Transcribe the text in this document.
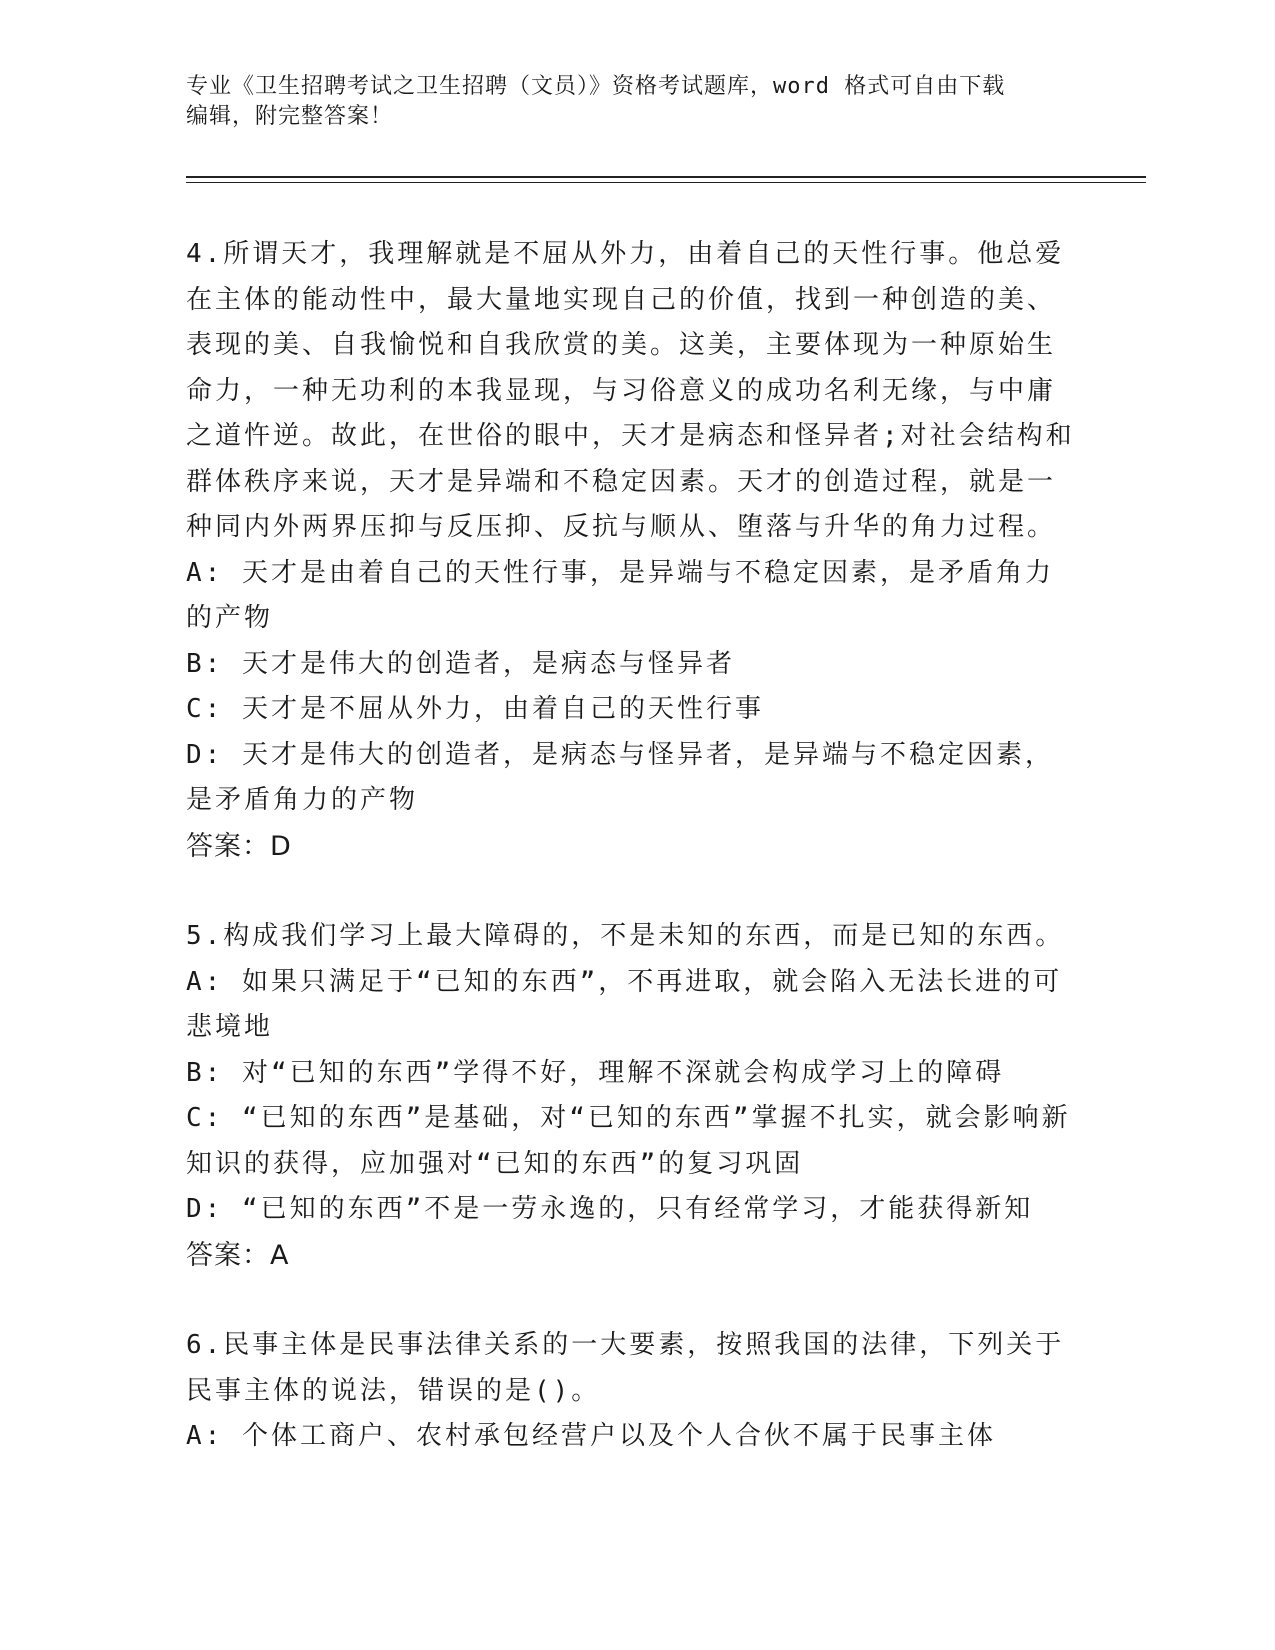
专业《卫生招聘考试之卫生招聘（文员）》资格考试题库，word 格式可自由下载
编辑，附完整答案！

4.所谓天才，我理解就是不屈从外力，由着自己的天性行事。他总爱在主体的能动性中，最大量地实现自己的价值，找到一种创造的美、表现的美、自我愉悦和自我欣赏的美。这美，主要体现为一种原始生命力，一种无功利的本我显现，与习俗意义的成功名利无缘，与中庸之道忤逆。故此，在世俗的眼中，天才是病态和怪异者;对社会结构和群体秩序来说，天才是异端和不稳定因素。天才的创造过程，就是一种同内外两界压抑与反压抑、反抗与顺从、堕落与升华的角力过程。

A: 天才是由着自己的天性行事，是异端与不稳定因素，是矛盾角力的产物

B: 天才是伟大的创造者，是病态与怪异者

C: 天才是不屈从外力，由着自己的天性行事

D: 天才是伟大的创造者，是病态与怪异者，是异端与不稳定因素，是矛盾角力的产物

答案：D

5.构成我们学习上最大障碍的，不是未知的东西，而是已知的东西。

A: 如果只满足于“已知的东西”，不再进取，就会陷入无法长进的可悲境地

B: 对“已知的东西”学得不好，理解不深就会构成学习上的障碍

C: “已知的东西”是基础，对“已知的东西”掌握不扎实，就会影响新知识的获得，应加强对“已知的东西”的复习巩固

D: “已知的东西”不是一劳永逸的，只有经常学习，才能获得新知

答案：A

6.民事主体是民事法律关系的一大要素，按照我国的法律，下列关于民事主体的说法，错误的是()。

A: 个体工商户、农村承包经营户以及个人合伙不属于民事主体
